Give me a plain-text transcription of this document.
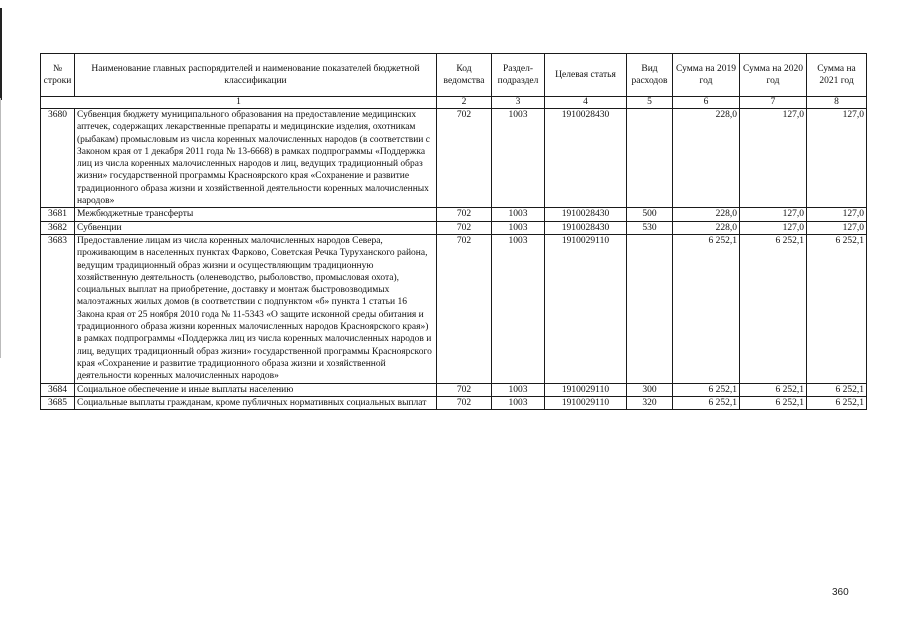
№ строки	Наименование главных распорядителей и наименование показателей бюджетной классификации	Код ведомства	Раздел-подраздел	Целевая статья	Вид расходов	Сумма на 2019 год	Сумма на 2020 год	Сумма на 2021 год
1		2	3	4	5	6	7	8
3680	Субвенция бюджету муниципального образования на предоставление медицинских аптечек, содержащих лекарственные препараты и медицинские изделия, охотникам (рыбакам) промысловым из числа коренных малочисленных народов (в соответствии с Законом края от 1 декабря 2011 года № 13-6668) в рамках подпрограммы «Поддержка лиц из числа коренных малочисленных народов и лиц, ведущих традиционный образ жизни» государственной программы Красноярского края «Сохранение и развитие традиционного образа жизни и хозяйственной деятельности коренных малочисленных народов»	702	1003	1910028430		228,0	127,0	127,0
3681	Межбюджетные трансферты	702	1003	1910028430	500	228,0	127,0	127,0
3682	Субвенции	702	1003	1910028430	530	228,0	127,0	127,0
3683	Предоставление лицам из числа коренных малочисленных народов Севера, проживающим в населенных пунктах Фарково, Советская Речка Туруханского района, ведущим традиционный образ жизни и осуществляющим традиционную хозяйственную деятельность (оленеводство, рыболовство, промысловая охота), социальных выплат на приобретение, доставку и монтаж быстровозводимых малоэтажных жилых домов (в соответствии с подпунктом «б» пункта 1 статьи 16 Закона края от 25 ноября 2010 года № 11-5343 «О защите исконной среды обитания и традиционного образа жизни коренных малочисленных народов Красноярского края») в рамках подпрограммы «Поддержка лиц из числа коренных малочисленных народов и лиц, ведущих традиционный образ жизни» государственной программы Красноярского края «Сохранение и развитие традиционного образа жизни и хозяйственной деятельности коренных малочисленных народов»	702	1003	1910029110		6 252,1	6 252,1	6 252,1
3684	Социальное обеспечение и иные выплаты населению	702	1003	1910029110	300	6 252,1	6 252,1	6 252,1
3685	Социальные выплаты гражданам, кроме публичных нормативных социальных выплат	702	1003	1910029110	320	6 252,1	6 252,1	6 252,1
360
